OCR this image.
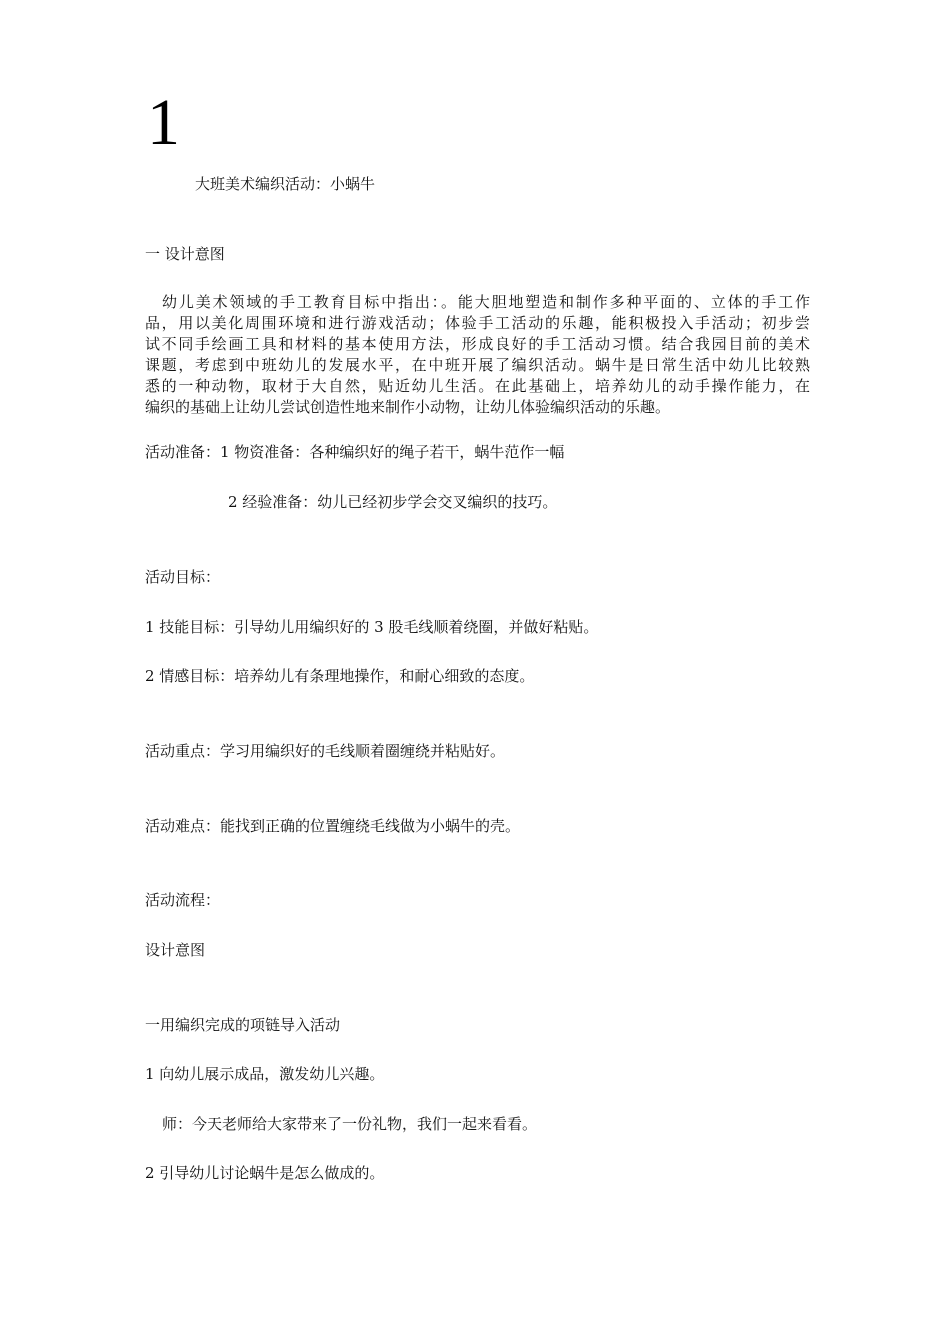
1
大班美术编织活动：小蜗牛
一 设计意图
幼儿美术领域的手工教育目标中指出：。能大胆地塑造和制作多种平面的、立体的手工作
品，用以美化周围环境和进行游戏活动；体验手工活动的乐趣，能积极投入手活动；初步尝
试不同手绘画工具和材料的基本使用方法，形成良好的手工活动习惯。结合我园目前的美术
课题，考虑到中班幼儿的发展水平，在中班开展了编织活动。蜗牛是日常生活中幼儿比较熟
悉的一种动物，取材于大自然，贴近幼儿生活。在此基础上，培养幼儿的动手操作能力，在
编织的基础上让幼儿尝试创造性地来制作小动物，让幼儿体验编织活动的乐趣。
活动准备：1 物资准备：各种编织好的绳子若干，蜗牛范作一幅
2 经验准备：幼儿已经初步学会交叉编织的技巧。
活动目标：
1 技能目标：引导幼儿用编织好的 3 股毛线顺着绕圈，并做好粘贴。
2 情感目标：培养幼儿有条理地操作，和耐心细致的态度。
活动重点：学习用编织好的毛线顺着圈缠绕并粘贴好。
活动难点：能找到正确的位置缠绕毛线做为小蜗牛的壳。
活动流程：
设计意图
一用编织完成的项链导入活动
1 向幼儿展示成品，激发幼儿兴趣。
师：今天老师给大家带来了一份礼物，我们一起来看看。
2 引导幼儿讨论蜗牛是怎么做成的。
